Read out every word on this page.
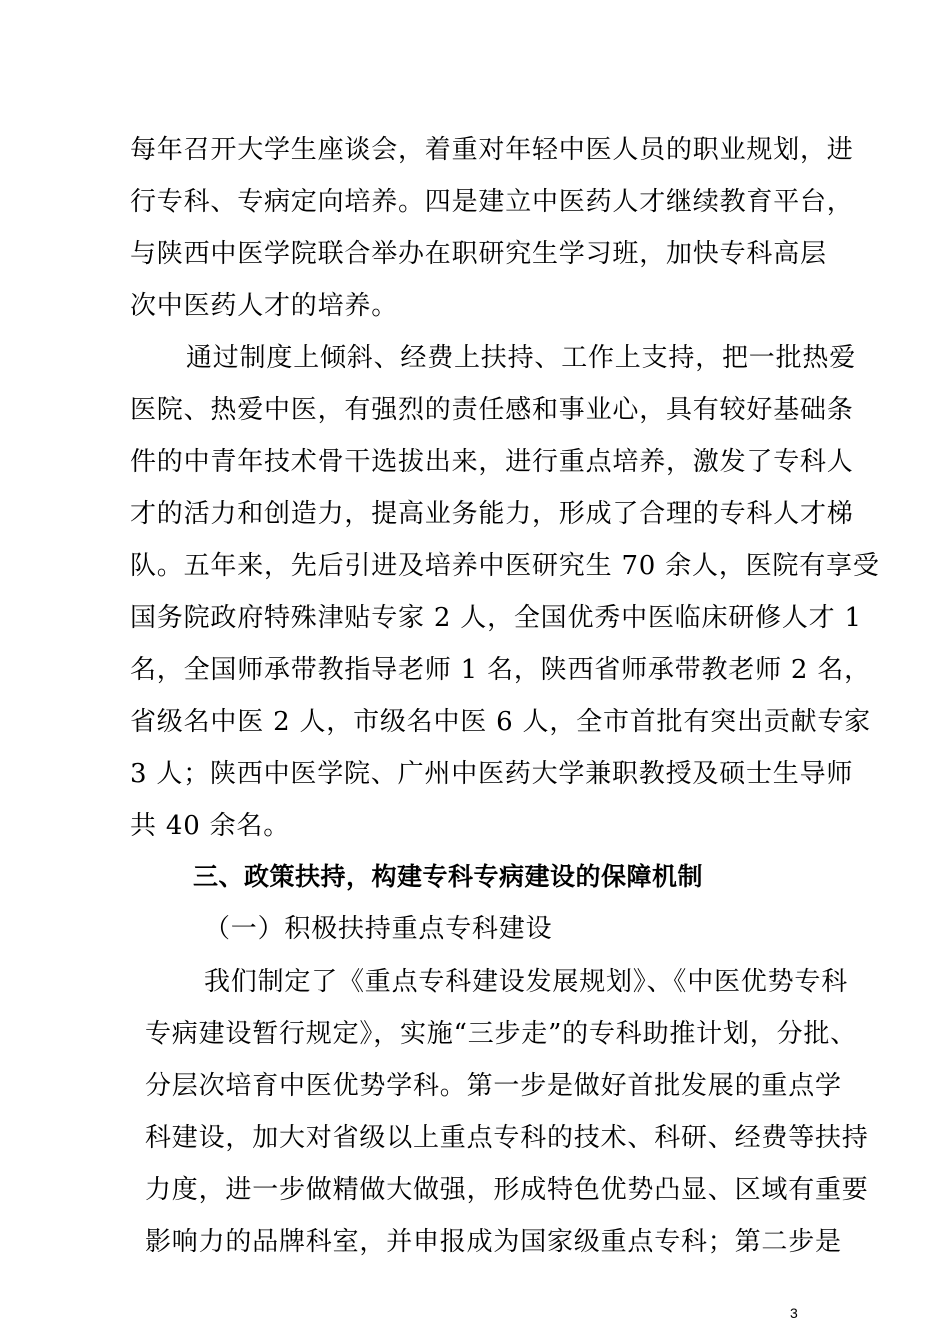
每年召开大学生座谈会，着重对年轻中医人员的职业规划，进
行专科、专病定向培养。四是建立中医药人才继续教育平台，
与陕西中医学院联合举办在职研究生学习班，加快专科高层
次中医药人才的培养。
通过制度上倾斜、经费上扶持、工作上支持，把一批热爱
医院、热爱中医，有强烈的责任感和事业心，具有较好基础条
件的中青年技术骨干选拔出来，进行重点培养，激发了专科人
才的活力和创造力，提高业务能力，形成了合理的专科人才梯
队。五年来，先后引进及培养中医研究生 70 余人，医院有享受
国务院政府特殊津贴专家 2 人，全国优秀中医临床研修人才 1
名，全国师承带教指导老师 1 名，陕西省师承带教老师 2 名，
省级名中医 2 人，市级名中医 6 人，全市首批有突出贡献专家
3 人；陕西中医学院、广州中医药大学兼职教授及硕士生导师
共 40 余名。
三、政策扶持，构建专科专病建设的保障机制
（一）积极扶持重点专科建设
我们制定了《重点专科建设发展规划》、《中医优势专科
专病建设暂行规定》，实施“三步走”的专科助推计划，分批、
分层次培育中医优势学科。第一步是做好首批发展的重点学
科建设，加大对省级以上重点专科的技术、科研、经费等扶持
力度，进一步做精做大做强，形成特色优势凸显、区域有重要
影响力的品牌科室，并申报成为国家级重点专科；第二步是
3
